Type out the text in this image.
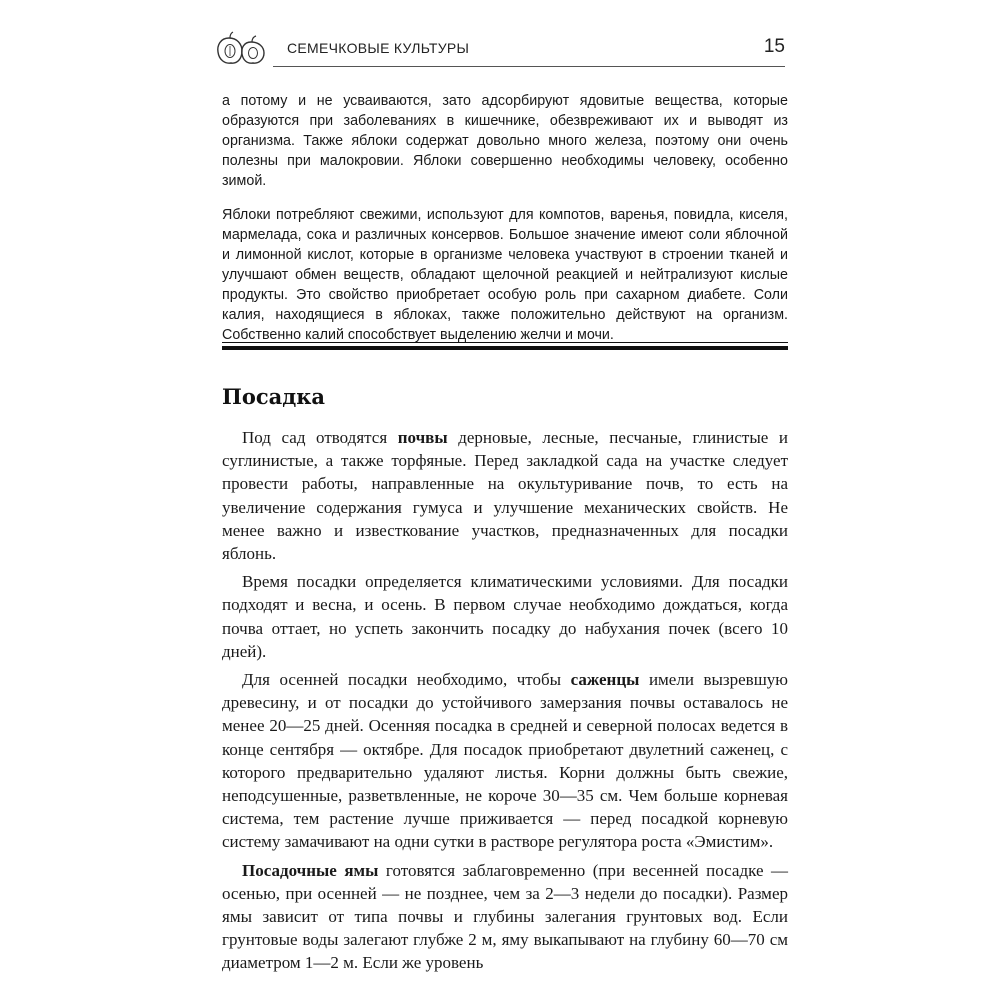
СЕМЕЧКОВЫЕ КУЛЬТУРЫ	15

а потому и не усваиваются, зато адсорбируют ядовитые вещества, которые образуются при заболеваниях в кишечнике, обезвреживают их и выводят из организма. Также яблоки содержат довольно много железа, поэтому они очень полезны при малокровии. Яблоки совершенно необходимы человеку, особенно зимой.

Яблоки потребляют свежими, используют для компотов, варенья, повидла, киселя, мармелада, сока и различных консервов. Большое значение имеют соли яблочной и лимонной кислот, которые в организме человека участвуют в строении тканей и улучшают обмен веществ, обладают щелочной реакцией и нейтрализуют кислые продукты. Это свойство приобретает особую роль при сахарном диабете. Соли калия, находящиеся в яблоках, также положительно действуют на организм. Собственно калий способствует выделению желчи и мочи.

Посадка

Под сад отводятся почвы дерновые, лесные, песчаные, глинистые и суглинистые, а также торфяные. Перед закладкой сада на участке следует провести работы, направленные на окультуривание почв, то есть на увеличение содержания гумуса и улучшение механических свойств. Не менее важно и известкование участков, предназначенных для посадки яблонь.

Время посадки определяется климатическими условиями. Для посадки подходят и весна, и осень. В первом случае необходимо дождаться, когда почва оттает, но успеть закончить посадку до набухания почек (всего 10 дней).

Для осенней посадки необходимо, чтобы саженцы имели вызревшую древесину, и от посадки до устойчивого замерзания почвы оставалось не менее 20—25 дней. Осенняя посадка в средней и северной полосах ведется в конце сентября — октябре. Для посадок приобретают двулетний саженец, с которого предварительно удаляют листья. Корни должны быть свежие, неподсушенные, разветвленные, не короче 30—35 см. Чем больше корневая система, тем растение лучше приживается — перед посадкой корневую систему замачивают на одни сутки в растворе регулятора роста «Эмистим».

Посадочные ямы готовятся заблаговременно (при весенней посадке — осенью, при осенней — не позднее, чем за 2—3 недели до посадки). Размер ямы зависит от типа почвы и глубины залегания грунтовых вод. Если грунтовые воды залегают глубже 2 м, яму выкапывают на глубину 60—70 см диаметром 1—2 м. Если же уровень
